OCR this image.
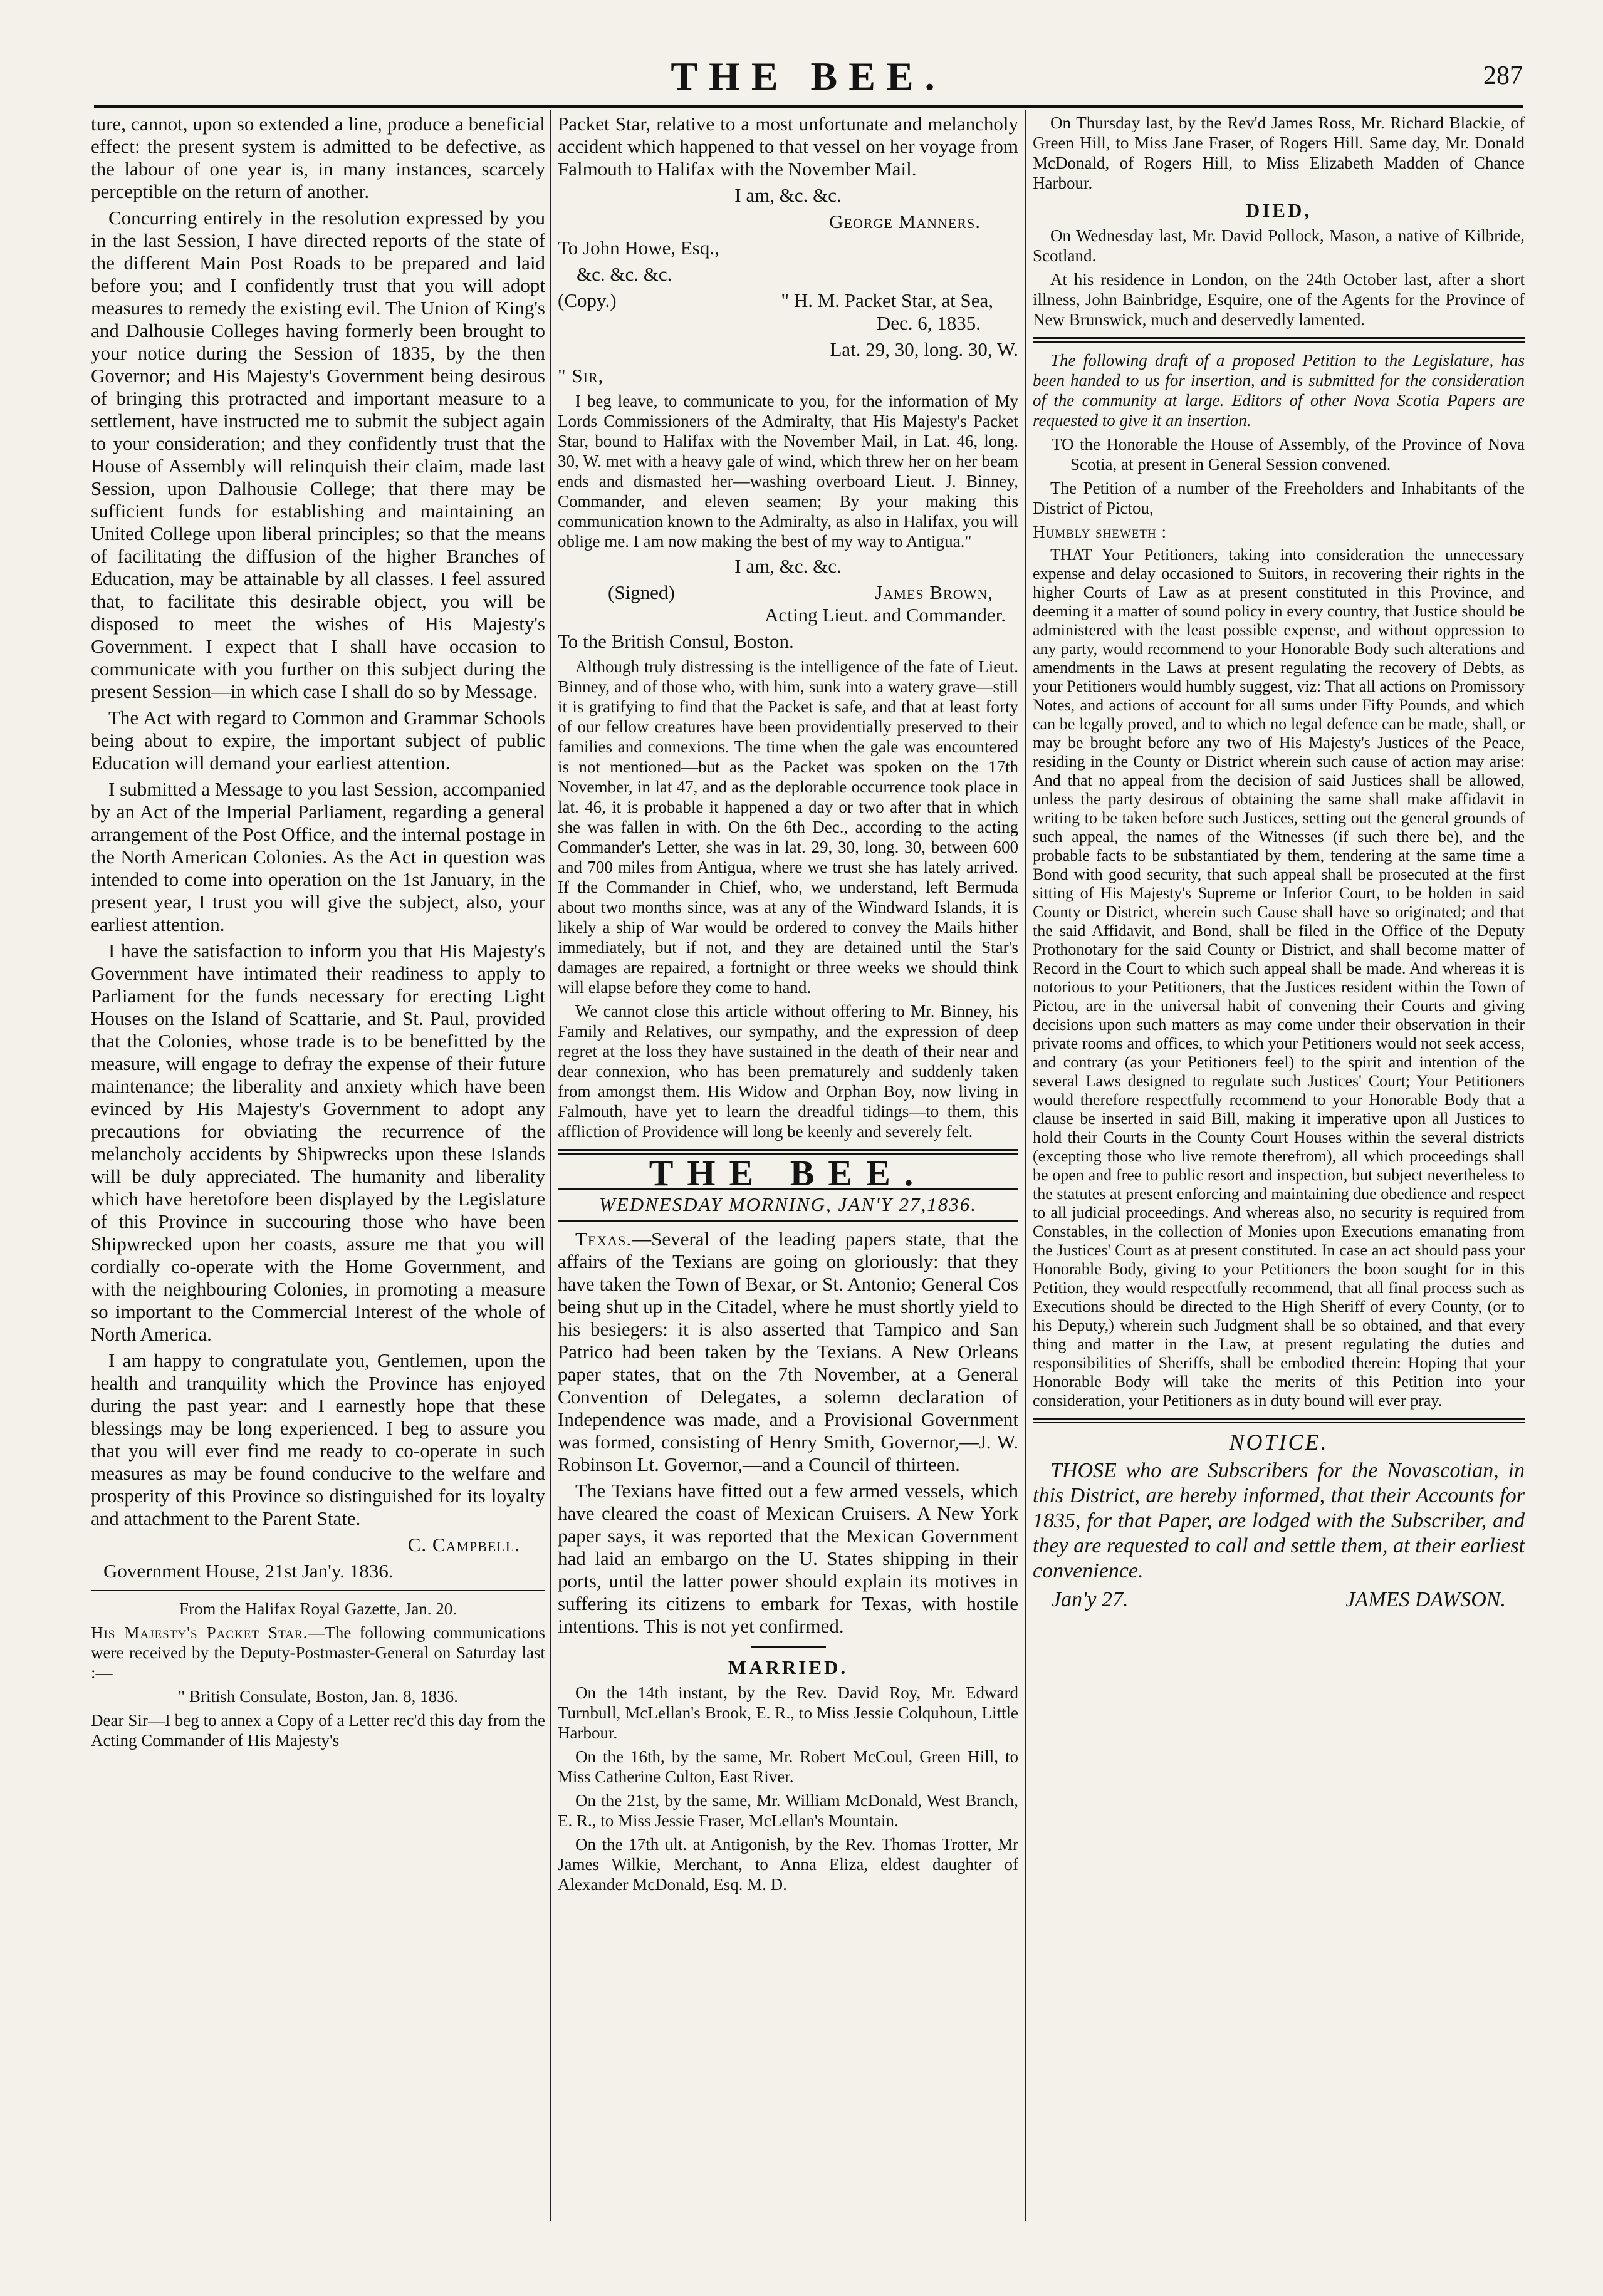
THE BEE.	287

ture, cannot, upon so extended a line, produce a beneficial effect: the present system is admitted to be defective, as the labour of one year is, in many instances, scarcely perceptible on the return of another.

Concurring entirely in the resolution expressed by you in the last Session, I have directed reports of the state of the different Main Post Roads to be prepared and laid before you; and I confidently trust that you will adopt measures to remedy the existing evil. The Union of King's and Dalhousie Colleges having formerly been brought to your notice during the Session of 1835, by the then Governor; and His Majesty's Government being desirous of bringing this protracted and important measure to a settlement, have instructed me to submit the subject again to your consideration; and they confidently trust that the House of Assembly will relinquish their claim, made last Session, upon Dalhousie College; that there may be sufficient funds for establishing and maintaining an United College upon liberal principles; so that the means of facilitating the diffusion of the higher Branches of Education, may be attainable by all classes. I feel assured that, to facilitate this desirable object, you will be disposed to meet the wishes of His Majesty's Government. I expect that I shall have occasion to communicate with you further on this subject during the present Session—in which case I shall do so by Message.

The Act with regard to Common and Grammar Schools being about to expire, the important subject of public Education will demand your earliest attention.

I submitted a Message to you last Session, accompanied by an Act of the Imperial Parliament, regarding a general arrangement of the Post Office, and the internal postage in the North American Colonies. As the Act in question was intended to come into operation on the 1st January, in the present year, I trust you will give the subject, also, your earliest attention.

I have the satisfaction to inform you that His Majesty's Government have intimated their readiness to apply to Parliament for the funds necessary for erecting Light Houses on the Island of Scattarie, and St. Paul, provided that the Colonies, whose trade is to be benefitted by the measure, will engage to defray the expense of their future maintenance; the liberality and anxiety which have been evinced by His Majesty's Government to adopt any precautions for obviating the recurrence of the melancholy accidents by Shipwrecks upon these Islands will be duly appreciated. The humanity and liberality which have heretofore been displayed by the Legislature of this Province in succouring those who have been Shipwrecked upon her coasts, assure me that you will cordially co-operate with the Home Government, and with the neighbouring Colonies, in promoting a measure so important to the Commercial Interest of the whole of North America.

I am happy to congratulate you, Gentlemen, upon the health and tranquility which the Province has enjoyed during the past year: and I earnestly hope that these blessings may be long experienced. I beg to assure you that you will ever find me ready to co-operate in such measures as may be found conducive to the welfare and prosperity of this Province so distinguished for its loyalty and attachment to the Parent State.

C. Campbell.

Government House, 21st Jan'y. 1836.

From the Halifax Royal Gazette, Jan. 20.

His Majesty's Packet Star.—The following communications were received by the Deputy-Postmaster-General on Saturday last :—

" British Consulate, Boston, Jan. 8, 1836.

Dear Sir—I beg to annex a Copy of a Letter rec'd this day from the Acting Commander of His Majesty's

Packet Star, relative to a most unfortunate and melancholy accident which happened to that vessel on her voyage from Falmouth to Halifax with the November Mail.

I am, &c. &c.

George Manners.

To John Howe, Esq.,

&c. &c. &c.

(Copy.)	" H. M. Packet Star, at Sea,

Dec. 6, 1835.

Lat. 29, 30, long. 30, W.

" Sir,

I beg leave, to communicate to you, for the information of My Lords Commissioners of the Admiralty, that His Majesty's Packet Star, bound to Halifax with the November Mail, in Lat. 46, long. 30, W. met with a heavy gale of wind, which threw her on her beam ends and dismasted her—washing overboard Lieut. J. Binney, Commander, and eleven seamen; By your making this communication known to the Admiralty, as also in Halifax, you will oblige me. I am now making the best of my way to Antigua."

I am, &c. &c.

(Signed)	James Brown,

Acting Lieut. and Commander.

To the British Consul, Boston.

Although truly distressing is the intelligence of the fate of Lieut. Binney, and of those who, with him, sunk into a watery grave—still it is gratifying to find that the Packet is safe, and that at least forty of our fellow creatures have been providentially preserved to their families and connexions. The time when the gale was encountered is not mentioned—but as the Packet was spoken on the 17th November, in lat 47, and as the deplorable occurrence took place in lat. 46, it is probable it happened a day or two after that in which she was fallen in with. On the 6th Dec., according to the acting Commander's Letter, she was in lat. 29, 30, long. 30, between 600 and 700 miles from Antigua, where we trust she has lately arrived. If the Commander in Chief, who, we understand, left Bermuda about two months since, was at any of the Windward Islands, it is likely a ship of War would be ordered to convey the Mails hither immediately, but if not, and they are detained until the Star's damages are repaired, a fortnight or three weeks we should think will elapse before they come to hand.

We cannot close this article without offering to Mr. Binney, his Family and Relatives, our sympathy, and the expression of deep regret at the loss they have sustained in the death of their near and dear connexion, who has been prematurely and suddenly taken from amongst them. His Widow and Orphan Boy, now living in Falmouth, have yet to learn the dreadful tidings—to them, this affliction of Providence will long be keenly and severely felt.

THE BEE.
WEDNESDAY MORNING, JAN'Y 27,1836.

Texas.—Several of the leading papers state, that the affairs of the Texians are going on gloriously: that they have taken the Town of Bexar, or St. Antonio; General Cos being shut up in the Citadel, where he must shortly yield to his besiegers: it is also asserted that Tampico and San Patrico had been taken by the Texians. A New Orleans paper states, that on the 7th November, at a General Convention of Delegates, a solemn declaration of Independence was made, and a Provisional Government was formed, consisting of Henry Smith, Governor,—J. W. Robinson Lt. Governor,—and a Council of thirteen.

The Texians have fitted out a few armed vessels, which have cleared the coast of Mexican Cruisers. A New York paper says, it was reported that the Mexican Government had laid an embargo on the U. States shipping in their ports, until the latter power should explain its motives in suffering its citizens to embark for Texas, with hostile intentions. This is not yet confirmed.

MARRIED.

On the 14th instant, by the Rev. David Roy, Mr. Edward Turnbull, McLellan's Brook, E. R., to Miss Jessie Colquhoun, Little Harbour.

On the 16th, by the same, Mr. Robert McCoul, Green Hill, to Miss Catherine Culton, East River.

On the 21st, by the same, Mr. William McDonald, West Branch, E. R., to Miss Jessie Fraser, McLellan's Mountain.

On the 17th ult. at Antigonish, by the Rev. Thomas Trotter, Mr James Wilkie, Merchant, to Anna Eliza, eldest daughter of Alexander McDonald, Esq. M. D.

On Thursday last, by the Rev'd James Ross, Mr. Richard Blackie, of Green Hill, to Miss Jane Fraser, of Rogers Hill. Same day, Mr. Donald McDonald, of Rogers Hill, to Miss Elizabeth Madden of Chance Harbour.

DIED,

On Wednesday last, Mr. David Pollock, Mason, a native of Kilbride, Scotland.

At his residence in London, on the 24th October last, after a short illness, John Bainbridge, Esquire, one of the Agents for the Province of New Brunswick, much and deservedly lamented.

The following draft of a proposed Petition to the Legislature, has been handed to us for insertion, and is submitted for the consideration of the community at large. Editors of other Nova Scotia Papers are requested to give it an insertion.

TO the Honorable the House of Assembly, of the Province of Nova Scotia, at present in General Session convened.

The Petition of a number of the Freeholders and Inhabitants of the District of Pictou,

Humbly sheweth :

THAT Your Petitioners, taking into consideration the unnecessary expense and delay occasioned to Suitors, in recovering their rights in the higher Courts of Law as at present constituted in this Province, and deeming it a matter of sound policy in every country, that Justice should be administered with the least possible expense, and without oppression to any party, would recommend to your Honorable Body such alterations and amendments in the Laws at present regulating the recovery of Debts, as your Petitioners would humbly suggest, viz: That all actions on Promissory Notes, and actions of account for all sums under Fifty Pounds, and which can be legally proved, and to which no legal defence can be made, shall, or may be brought before any two of His Majesty's Justices of the Peace, residing in the County or District wherein such cause of action may arise: And that no appeal from the decision of said Justices shall be allowed, unless the party desirous of obtaining the same shall make affidavit in writing to be taken before such Justices, setting out the general grounds of such appeal, the names of the Witnesses (if such there be), and the probable facts to be substantiated by them, tendering at the same time a Bond with good security, that such appeal shall be prosecuted at the first sitting of His Majesty's Supreme or Inferior Court, to be holden in said County or District, wherein such Cause shall have so originated; and that the said Affidavit, and Bond, shall be filed in the Office of the Deputy Prothonotary for the said County or District, and shall become matter of Record in the Court to which such appeal shall be made. And whereas it is notorious to your Petitioners, that the Justices resident within the Town of Pictou, are in the universal habit of convening their Courts and giving decisions upon such matters as may come under their observation in their private rooms and offices, to which your Petitioners would not seek access, and contrary (as your Petitioners feel) to the spirit and intention of the several Laws designed to regulate such Justices' Court; Your Petitioners would therefore respectfully recommend to your Honorable Body that a clause be inserted in said Bill, making it imperative upon all Justices to hold their Courts in the County Court Houses within the several districts (excepting those who live remote therefrom), all which proceedings shall be open and free to public resort and inspection, but subject nevertheless to the statutes at present enforcing and maintaining due obedience and respect to all judicial proceedings. And whereas also, no security is required from Constables, in the collection of Monies upon Executions emanating from the Justices' Court as at present constituted. In case an act should pass your Honorable Body, giving to your Petitioners the boon sought for in this Petition, they would respectfully recommend, that all final process such as Executions should be directed to the High Sheriff of every County, (or to his Deputy,) wherein such Judgment shall be so obtained, and that every thing and matter in the Law, at present regulating the duties and responsibilities of Sheriffs, shall be embodied therein: Hoping that your Honorable Body will take the merits of this Petition into your consideration, your Petitioners as in duty bound will ever pray.

NOTICE.

THOSE who are Subscribers for the Novascotian, in this District, are hereby informed, that their Accounts for 1835, for that Paper, are lodged with the Subscriber, and they are requested to call and settle them, at their earliest convenience.

Jan'y 27.	JAMES DAWSON.
